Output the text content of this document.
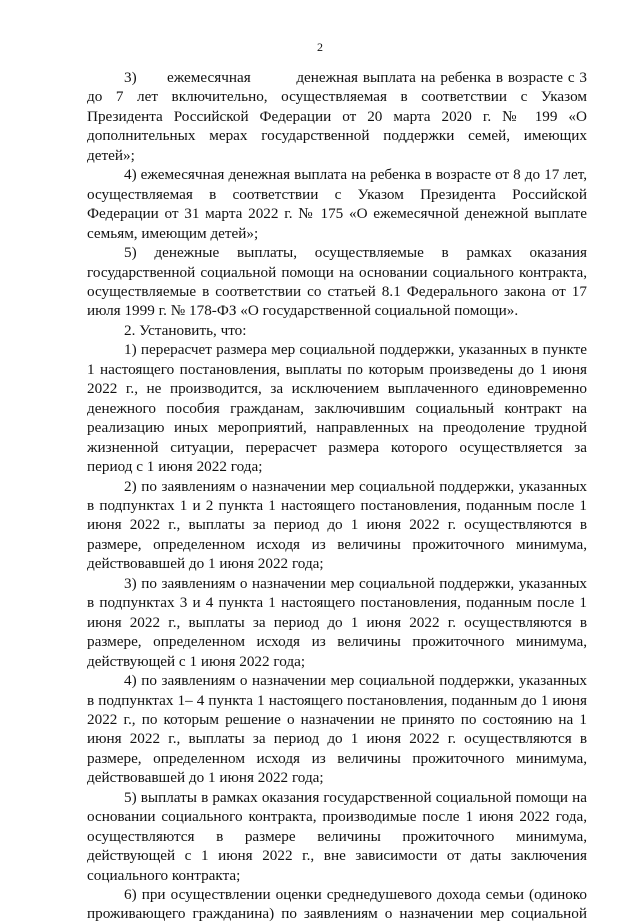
2

3)  ежемесячная   денежная выплата на ребенка в возрасте с 3 до 7 лет включительно, осуществляемая в соответствии с Указом Президента Российской Федерации от 20 марта 2020 г. № 199 «О дополнительных мерах государственной поддержки семей, имеющих детей»;

4) ежемесячная денежная выплата на ребенка в возрасте от 8 до 17 лет, осуществляемая в соответствии с Указом Президента Российской Федерации от 31 марта 2022 г. № 175 «О ежемесячной денежной выплате семьям, имеющим детей»;

5) денежные выплаты, осуществляемые в рамках оказания государственной социальной помощи на основании социального контракта, осуществляемые в соответствии со статьей 8.1 Федерального закона от 17 июля 1999 г. № 178-ФЗ «О государственной социальной помощи».

2. Установить, что:

1) перерасчет размера мер социальной поддержки, указанных в пункте 1 настоящего постановления, выплаты по которым произведены до 1 июня 2022 г., не производится, за исключением выплаченного единовременно денежного пособия гражданам, заключившим социальный контракт на реализацию иных мероприятий, направленных на преодоление трудной жизненной ситуации, перерасчет размера которого осуществляется за период с 1 июня 2022 года;

2) по заявлениям о назначении мер социальной поддержки, указанных в подпунктах 1 и 2 пункта 1 настоящего постановления, поданным после 1 июня 2022 г., выплаты за период до 1 июня 2022 г. осуществляются в размере, определенном исходя из величины прожиточного минимума, действовавшей до 1 июня 2022 года;

3) по заявлениям о назначении мер социальной поддержки, указанных в подпунктах 3 и 4 пункта 1 настоящего постановления, поданным после 1 июня 2022 г., выплаты за период до 1 июня 2022 г. осуществляются в размере, определенном исходя из величины прожиточного минимума, действующей с 1 июня 2022 года;

4) по заявлениям о назначении мер социальной поддержки, указанных в подпунктах 1– 4 пункта 1 настоящего постановления, поданным до 1 июня 2022 г., по которым решение о назначении не принято по состоянию на 1 июня 2022 г., выплаты за период до 1 июня 2022 г. осуществляются в размере, определенном исходя из величины прожиточного минимума, действовавшей до 1 июня 2022 года;

5) выплаты в рамках оказания государственной социальной помощи на основании социального контракта, производимые после 1 июня 2022 года, осуществляются в размере величины прожиточного минимума, действующей с 1 июня 2022 г., вне зависимости от даты заключения социального контракта;

6) при осуществлении оценки среднедушевого дохода семьи (одиноко проживающего гражданина) по заявлениям о назначении мер социальной
